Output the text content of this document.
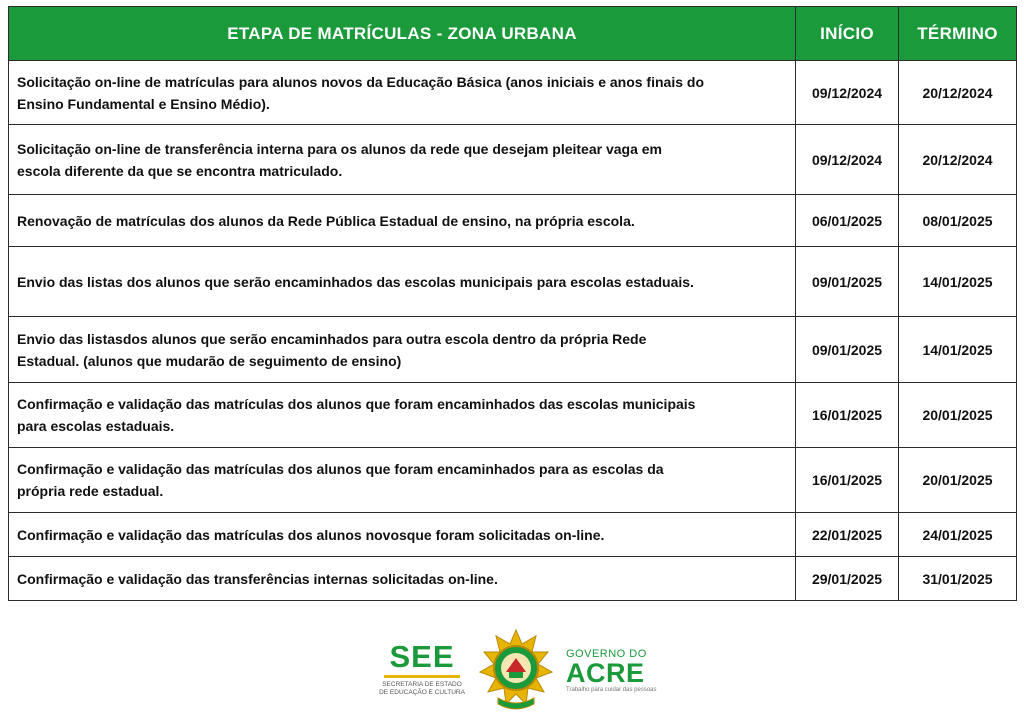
ETAPA DE MATRÍCULAS - ZONA URBANA	INÍCIO	TÉRMINO
Solicitação on-line de matrículas para alunos novos da Educação Básica (anos iniciais e anos finais do
Ensino Fundamental e Ensino Médio).	09/12/2024	20/12/2024
Solicitação on-line de transferência interna para os alunos da rede que desejam pleitear vaga em
escola diferente da que se encontra matriculado.	09/12/2024	20/12/2024
Renovação de matrículas dos alunos da Rede Pública Estadual de ensino, na própria escola.	06/01/2025	08/01/2025
Envio das listas dos alunos que serão encaminhados das escolas municipais para escolas estaduais.	09/01/2025	14/01/2025
Envio das listasdos alunos que serão encaminhados para outra escola dentro da própria Rede
Estadual. (alunos que mudarão de seguimento de ensino)	09/01/2025	14/01/2025
Confirmação e validação das matrículas dos alunos que foram encaminhados das escolas municipais
para escolas estaduais.	16/01/2025	20/01/2025
Confirmação e validação das matrículas dos alunos que foram encaminhados para as escolas da
própria rede estadual.	16/01/2025	20/01/2025
Confirmação e validação das matrículas dos alunos novosque foram solicitadas on-line.	22/01/2025	24/01/2025
Confirmação e validação das transferências internas solicitadas on-line.	29/01/2025	31/01/2025
SEE
SECRETARIA DE ESTADO
DE EDUCAÇÃO E CULTURA
GOVERNO DO
ACRE
Trabalho para cuidar das pessoas
